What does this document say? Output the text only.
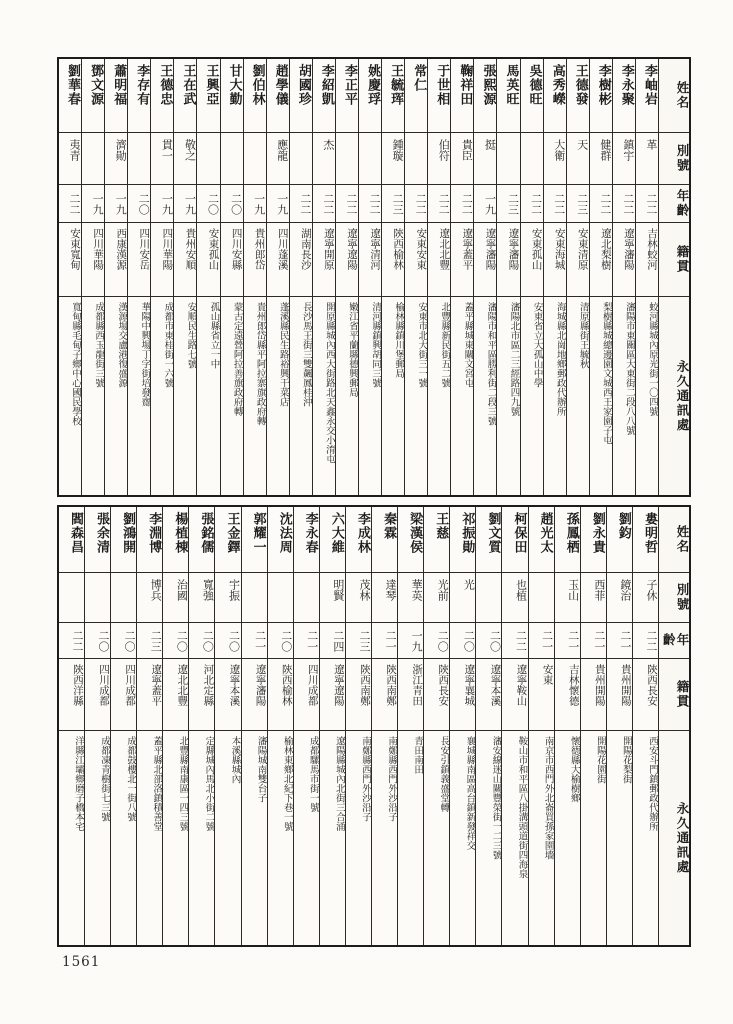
姓名
別號
年齡
籍貫
永久通訊處
李岫岩
革
二二
吉林蛟河
蛟河縣城內原光街一〇四號
李永聚
鎮宇
二二
遼寧瀋陽
瀋陽市東關區大東街二段八八號
李樹彬
健群
二二
遼北梨樹
梨樹縣城總邊園文城西王家園子屯
王德發
天
二三
安東清原
清原縣街王毓秋
高秀嶸
大衛
二二
安東海城
海城縣北崗地鄉郵政代辦所
吳德旺
二二
安東孤山
安東省立大孤山中學
馬英旺
二三
遼寧瀋陽
瀋陽北市區二三經路四九號
張熙源
挺
一九
遼寧瀋陽
瀋陽市和平區勝利街二段三號
鞠祥田
貴臣
二二
遼寧蓋平
蓋平縣城東關文宮屯
于世相
伯符
二二
遼北北豐
北豐縣新民街五二號
常仁
二二
安東安東
安東市北大街三一號
王毓珲
鍾璇
二三
陝西榆林
榆林縣鎮川堡郵局
姚慶琈
二二
遼寧清河
清河縣鎮興胡同三號
李正平
二二
遼寧遼陽
嫩江省平蘭縣德興郵局
李紹凱
杰
二二
遼寧開原
開原縣城內西大街路北天鑫永交小淯屯
胡國珍
二二
湖南長沙
長沙馬王街三雙飆鳳桂沖
趙學儀
應龍
一九
四川蓬溪
蓬溪縣民生路裕興干菜店
劉伯林
一九
貴州郎岱
貴州郎岱縣平阿拉寨旗政府轉
甘大勤
二〇
四川安縣
蒙古定遠營阿拉善旗政府轉
王興亞
二〇
安東孤山
孤山縣省立一中
王在武
敬之
一九
貴州安順
安順民生路七號
王德忠
貫一
一九
四川華陽
成都市東桂街一六號
李存有
二〇
四川安岳
華陽中興場丁字街培發齋
蕭明福
濟勛
一九
西康漢源
漢源場交盧港復盛源
鄧文源
一九
四川華陽
成都縣西玉龍街三號
劉華春
夷青
二二
安東寬甸
寬甸縣毛甸子鄉中心國民學校
姓名
別號
年齡
籍貫
永久通訊處
婁明哲
子休
二二
陝西長安
西安斗門鎮郵政代辦所
劉鈞
鏡治
二一
貴州開陽
開陽花梨街
劉永貴
西菲
二一
貴州開陽
開陽花園街
孫鳳栖
玉山
二一
吉林懷德
懷德縣大榆樹鄉
趙光太
二一
安東
南京市西門外北崙買孫家園墻
柯保田
也植
二二
遼寧鞍山
鞍山市和平區八掛溝頭道街四海泉
劉文質
二〇
遼寧本溪
瀋安線迷山關豐榮街一二三號
祁振勛
光
二〇
遼寧襄城
襄城縣南區高台鎮新發祥交
王慈
光前
二〇
陝西長安
長安引鎮義盛堂轉
梁漢侯
華英
一九
浙江青田
青田南田
秦霖
達琴
二一
陝西南鄭
南鄭縣西門外沙沿子
李成林
茂林
二三
陝西南鄭
南鄭縣西門外沙沿子
六大維
明賢
二四
遼寧遼陽
遼陽縣城內北街三合涌
李永春
二一
四川成都
成都騾馬市街一號
沈法周
二〇
陝西榆林
榆林東鄉北紀下巷一號
郭耀一
二一
遼寧瀋陽
瀋陽城南雙台子
王金鐸
宇振
二〇
遼寧本溪
本溪縣城內
張銘儒
寬強
二〇
河北定縣
定縣城內馬北小街二號
楊植棟
治國
二〇
遼北北豐
北豐縣南康區一四三號
李淵博
博兵
二三
遼寧蓋平
蓋平縣北部洛鎮積善堂
劉鴻開
二〇
四川成都
成都鼓樓北一街八號
張余清
二〇
四川成都
成都凍青樹街七三號
閻森昌
二二
陝西洋縣
洋縣江壩鄉磨子橋本宅
1561
